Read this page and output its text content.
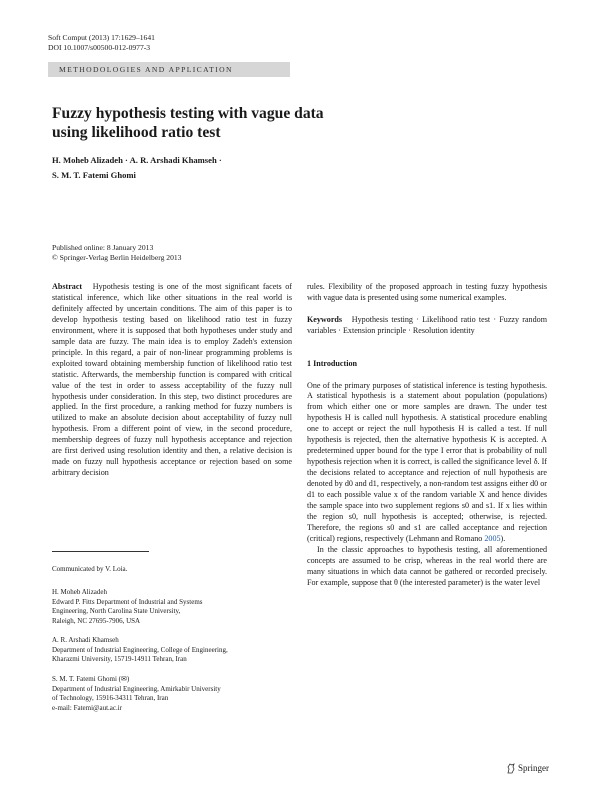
Soft Comput (2013) 17:1629–1641
DOI 10.1007/s00500-012-0977-3
METHODOLOGIES AND APPLICATION
Fuzzy hypothesis testing with vague data
using likelihood ratio test
H. Moheb Alizadeh · A. R. Arshadi Khamseh ·
S. M. T. Fatemi Ghomi
Published online: 8 January 2013
© Springer-Verlag Berlin Heidelberg 2013

Abstract Hypothesis testing is one of the most significant facets of statistical inference, which like other situations in the real world is definitely affected by uncertain conditions. The aim of this paper is to develop hypothesis testing based on likelihood ratio test in fuzzy environment, where it is supposed that both hypotheses under study and sample data are fuzzy. The main idea is to employ Zadeh's extension principle. In this regard, a pair of non-linear programming problems is exploited toward obtaining membership function of likelihood ratio test statistic. Afterwards, the membership function is compared with critical value of the test in order to assess acceptability of the fuzzy null hypothesis under consideration. In this step, two distinct procedures are applied. In the first procedure, a ranking method for fuzzy numbers is utilized to make an absolute decision about acceptability of fuzzy null hypothesis. From a different point of view, in the second procedure, membership degrees of fuzzy null hypothesis acceptance and rejection are first derived using resolution identity and then, a relative decision is made on fuzzy null hypothesis acceptance or rejection based on some arbitrary decision

rules. Flexibility of the proposed approach in testing fuzzy hypothesis with vague data is presented using some numerical examples.

Keywords Hypothesis testing · Likelihood ratio test · Fuzzy random variables · Extension principle · Resolution identity

1 Introduction

One of the primary purposes of statistical inference is testing hypothesis. A statistical hypothesis is a statement about population (populations) from which either one or more samples are drawn. The under test hypothesis H is called null hypothesis. A statistical procedure enabling one to accept or reject the null hypothesis H is called a test. If null hypothesis is rejected, then the alternative hypothesis K is accepted. A predetermined upper bound for the type I error that is probability of null hypothesis rejection when it is correct, is called the significance level δ. If the decisions related to acceptance and rejection of null hypothesis are denoted by d0 and d1, respectively, a non-random test assigns either d0 or d1 to each possible value x of the random variable X and hence divides the sample space into two supplement regions s0 and s1. If x lies within the region s0, null hypothesis is accepted; otherwise, is rejected. Therefore, the regions s0 and s1 are called acceptance and rejection (critical) regions, respectively (Lehmann and Romano 2005).

In the classic approaches to hypothesis testing, all aforementioned concepts are assumed to be crisp, whereas in the real world there are many situations in which data cannot be gathered or recorded precisely. For example, suppose that θ (the interested parameter) is the water level

Communicated by V. Loia.
H. Moheb Alizadeh
Edward P. Fitts Department of Industrial and Systems
Engineering, North Carolina State University,
Raleigh, NC 27695-7906, USA
A. R. Arshadi Khamseh
Department of Industrial Engineering, College of Engineering,
Kharazmi University, 15719-14911 Tehran, Iran
S. M. T. Fatemi Ghomi (✉)
Department of Industrial Engineering, Amirkabir University
of Technology, 15916-34311 Tehran, Iran
e-mail: Fatemi@aut.ac.ir
Springer
